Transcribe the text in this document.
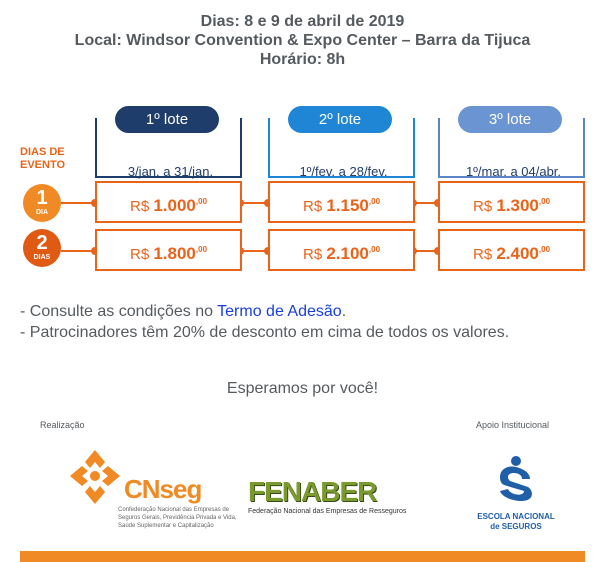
Dias: 8 e 9 de abril de 2019
Local: Windsor Convention & Expo Center – Barra da Tijuca
Horário: 8h
DIAS DE
EVENTO
1
DIA
2
DIAS
3/jan. a 31/jan.
1º lote
R$ $1.000^{,00}$
R$ $1.800^{,00}$
1º/fev. a 28/fev.
2º lote
R$ $1.150^{,00}$
R$ $2.100^{,00}$
1º/mar. a 04/abr.
3º lote
R$ $1.300^{,00}$
R$ $2.400^{,00}$
- Consulte as condições no Termo de Adesão.
- Patrocinadores têm 20% de desconto em cima de todos os valores.
Esperamos por você!
Realização	Apoio Institucional
CNseg
Confederação Nacional das Empresas de Seguros Gerais, Previdência Privada e Vida, Saúde Suplementar e Capitalização
FENABER
Federação Nacional das Empresas de Resseguros
ESCOLA NACIONAL
de SEGUROS
